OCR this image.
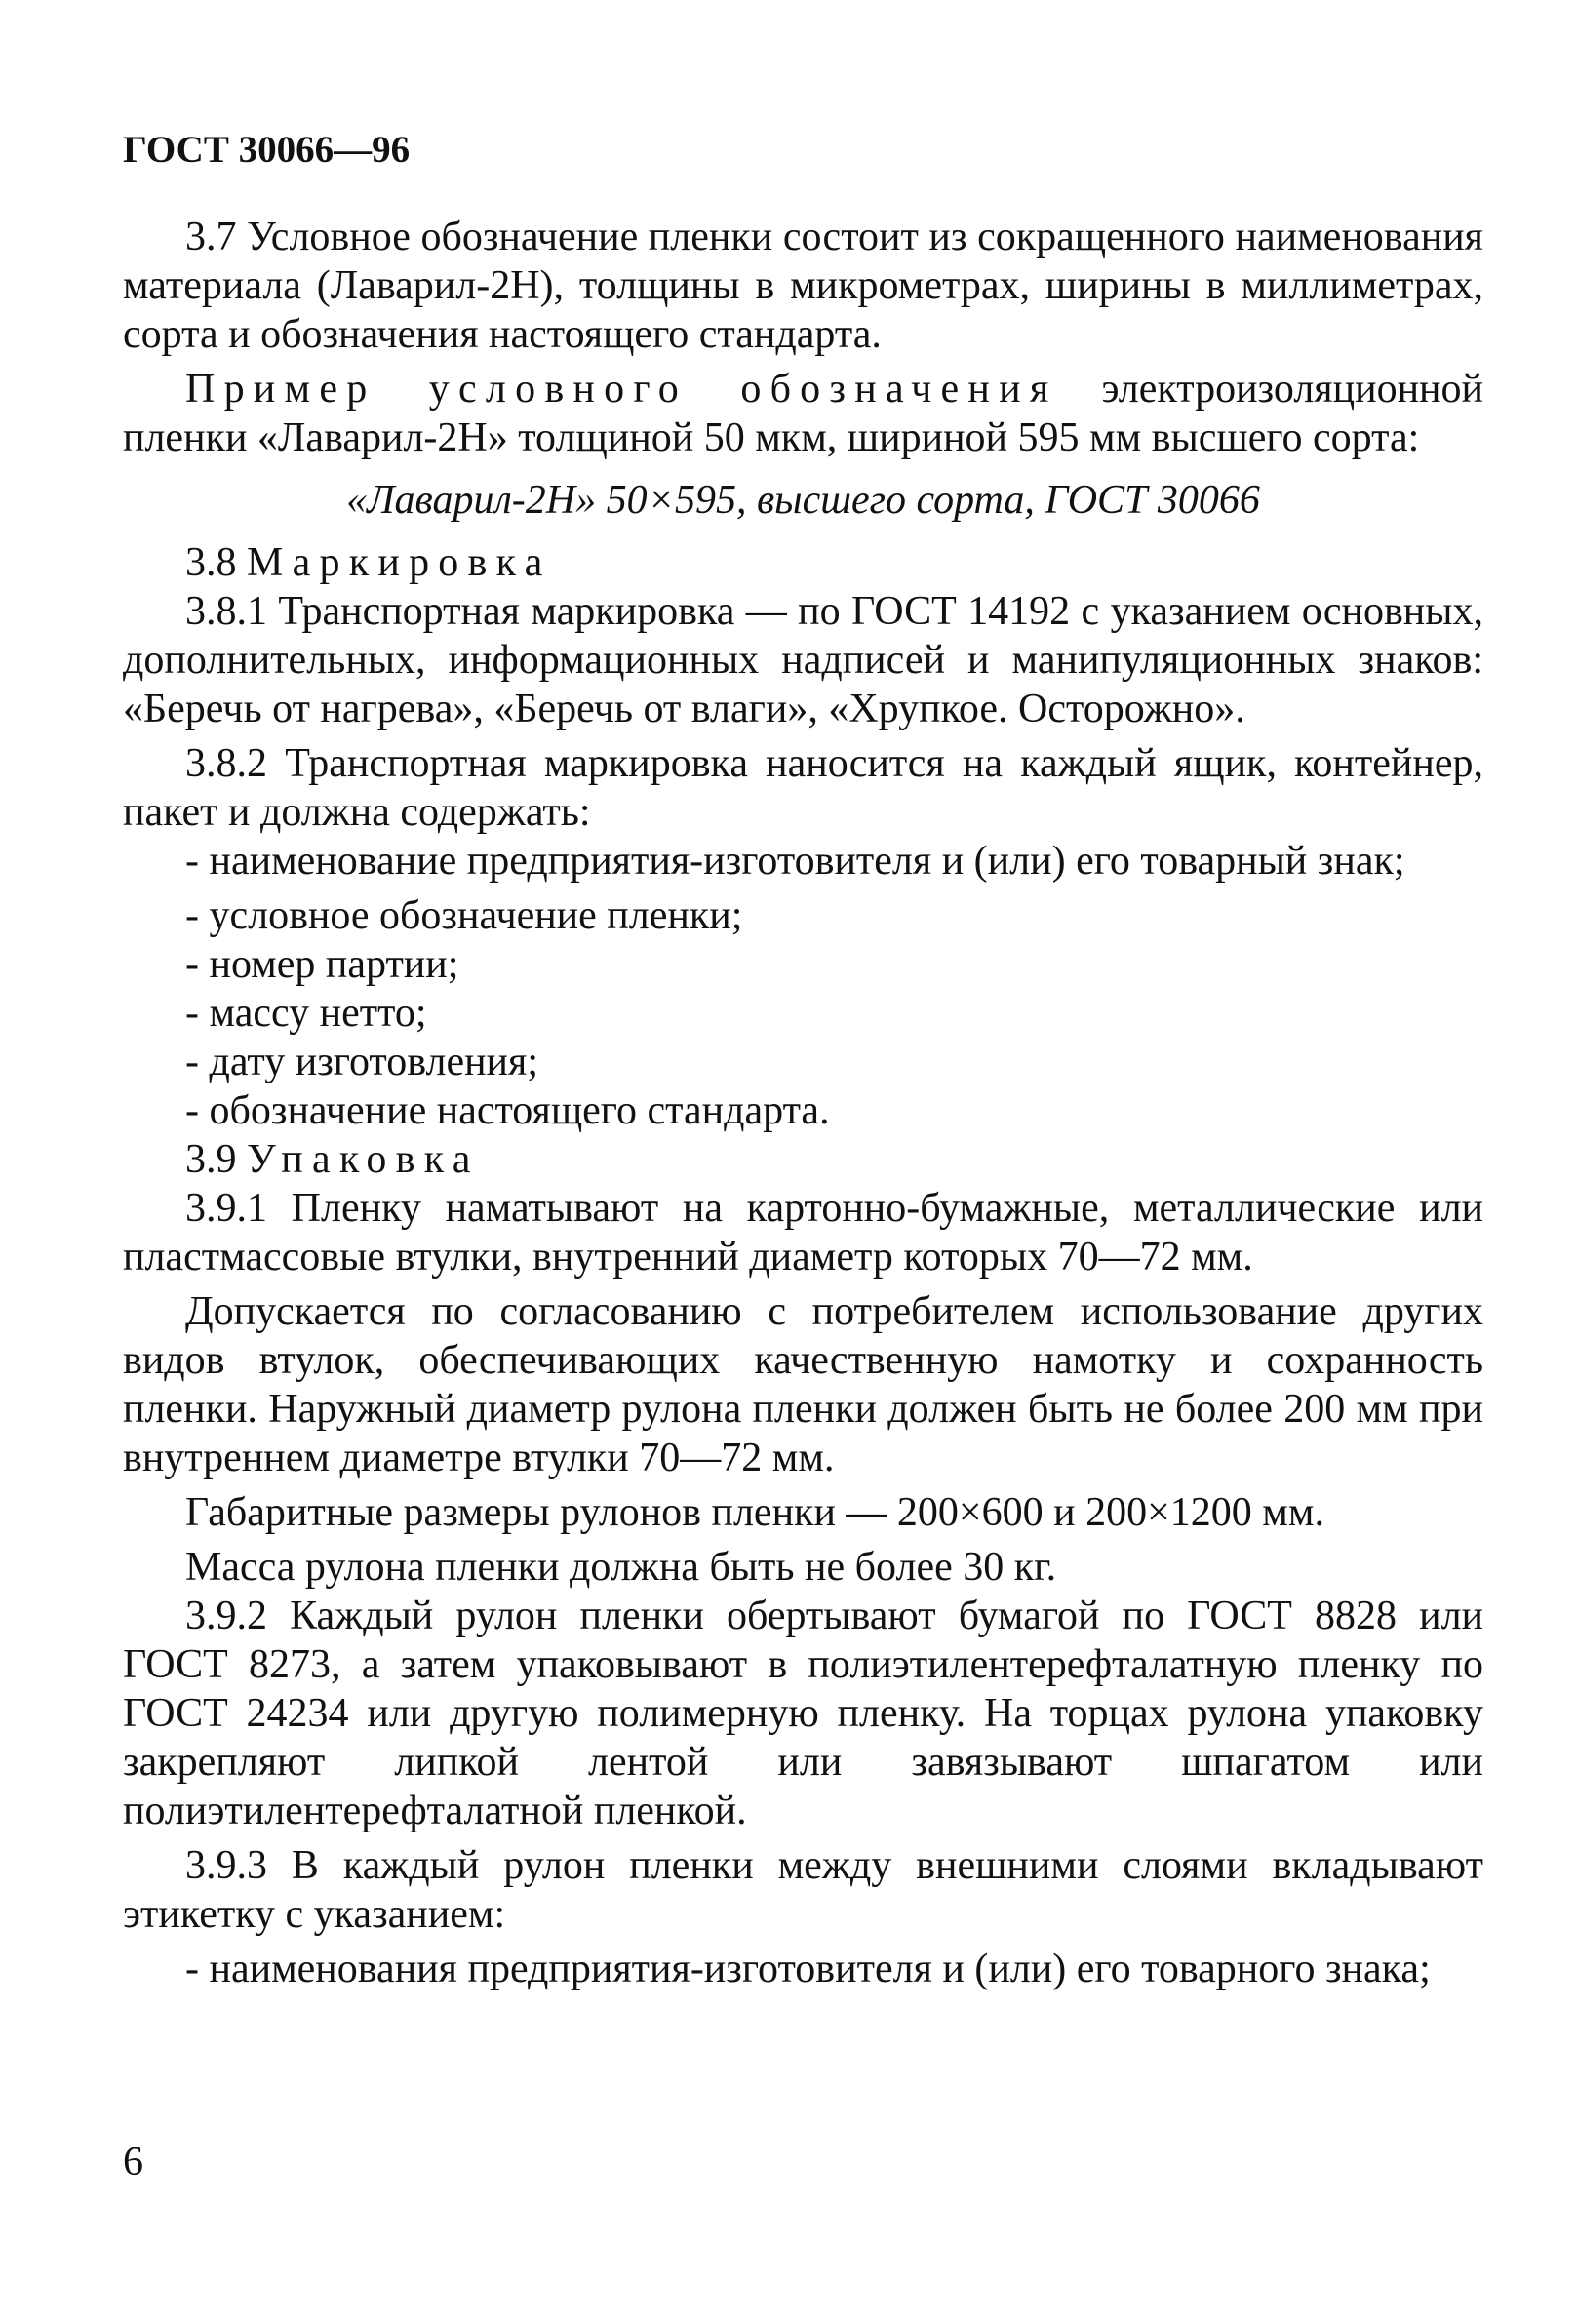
ГОСТ 30066—96

3.7 Условное обозначение пленки состоит из сокращенного наименования материала (Лаварил-2Н), толщины в микрометрах, ширины в миллиметрах, сорта и обозначения настоящего стандарта.

Пример условного обозначения электроизоляционной пленки «Лаварил-2Н» толщиной 50 мкм, шириной 595 мм высшего сорта:

«Лаварил-2Н» 50×595, высшего сорта, ГОСТ 30066

3.8 Маркировка

3.8.1 Транспортная маркировка — по ГОСТ 14192 с указанием основных, дополнительных, информационных надписей и манипуляционных знаков: «Беречь от нагрева», «Беречь от влаги», «Хрупкое. Осторожно».

3.8.2 Транспортная маркировка наносится на каждый ящик, контейнер, пакет и должна содержать:

- наименование предприятия-изготовителя и (или) его товарный знак;

- условное обозначение пленки;

- номер партии;

- массу нетто;

- дату изготовления;

- обозначение настоящего стандарта.

3.9 Упаковка

3.9.1 Пленку наматывают на картонно-бумажные, металлические или пластмассовые втулки, внутренний диаметр которых 70—72 мм.

Допускается по согласованию с потребителем использование других видов втулок, обеспечивающих качественную намотку и сохранность пленки. Наружный диаметр рулона пленки должен быть не более 200 мм при внутреннем диаметре втулки 70—72 мм.

Габаритные размеры рулонов пленки — 200×600 и 200×1200 мм.

Масса рулона пленки должна быть не более 30 кг.

3.9.2 Каждый рулон пленки обертывают бумагой по ГОСТ 8828 или ГОСТ 8273, а затем упаковывают в полиэтилентерефталатную пленку по ГОСТ 24234 или другую полимерную пленку. На торцах рулона упаковку закрепляют липкой лентой или завязывают шпагатом или полиэтилентерефталатной пленкой.

3.9.3 В каждый рулон пленки между внешними слоями вкладывают этикетку с указанием:

- наименования предприятия-изготовителя и (или) его товарного знака;

6
